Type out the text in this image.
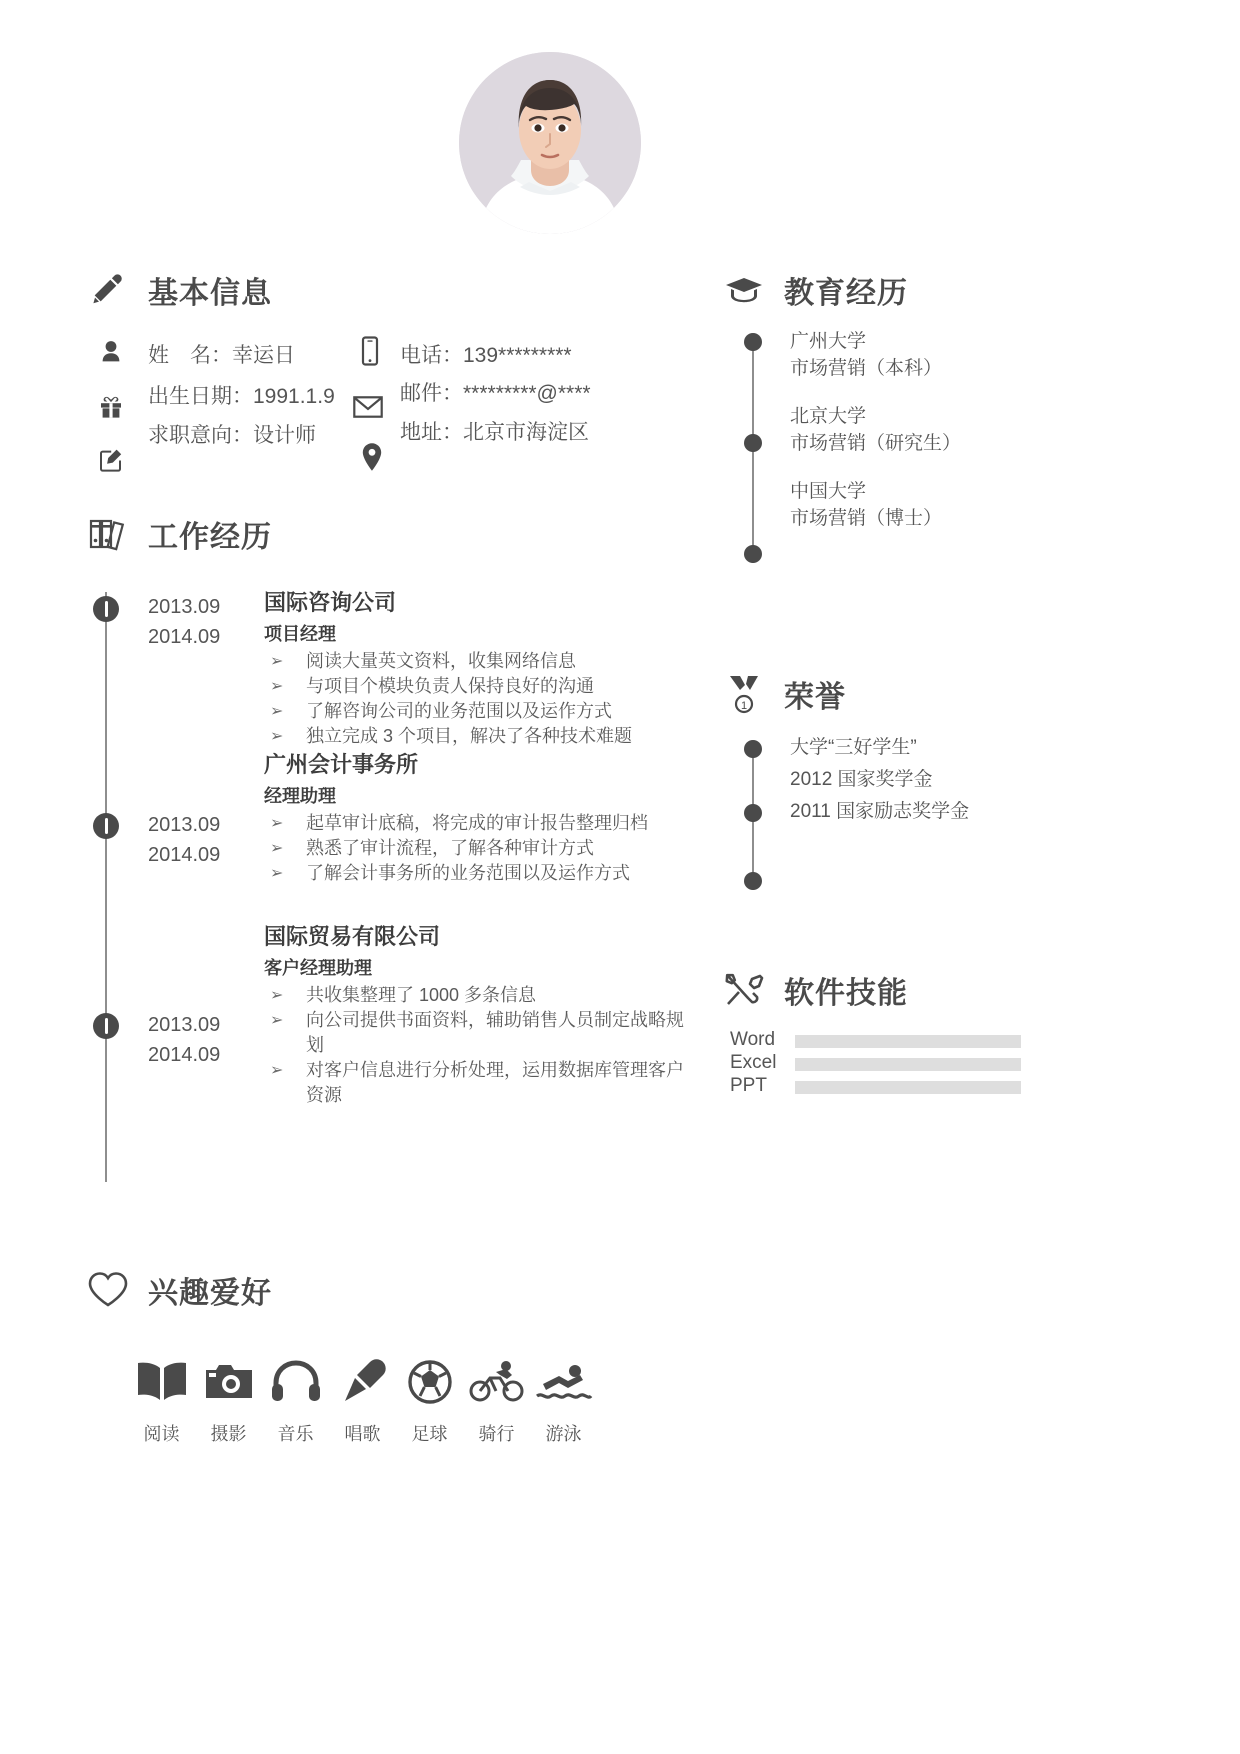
基本信息
姓　名：幸运日
出生日期：1991.1.9
求职意向：设计师
电话：139*********
邮件：*********@****
地址：北京市海淀区
工作经历
2013.09
2014.09
国际咨询公司
项目经理
➢ 阅读大量英文资料，收集网络信息
➢ 与项目个模块负责人保持良好的沟通
➢ 了解咨询公司的业务范围以及运作方式
➢ 独立完成 3 个项目，解决了各种技术难题
2013.09
2014.09
广州会计事务所
经理助理
➢ 起草审计底稿，将完成的审计报告整理归档
➢ 熟悉了审计流程，了解各种审计方式
➢ 了解会计事务所的业务范围以及运作方式
2013.09
2014.09
国际贸易有限公司
客户经理助理
➢ 共收集整理了 1000 多条信息
➢ 向公司提供书面资料，辅助销售人员制定战略规划
➢ 对客户信息进行分析处理，运用数据库管理客户资源
教育经历
广州大学
市场营销（本科）
北京大学
市场营销（研究生）
中国大学
市场营销（博士）
1 荣誉
大学“三好学生”
2012 国家奖学金
2011 国家励志奖学金
软件技能
Word
Excel
PPT
兴趣爱好
阅读	摄影	音乐	唱歌	足球	骑行	游泳
